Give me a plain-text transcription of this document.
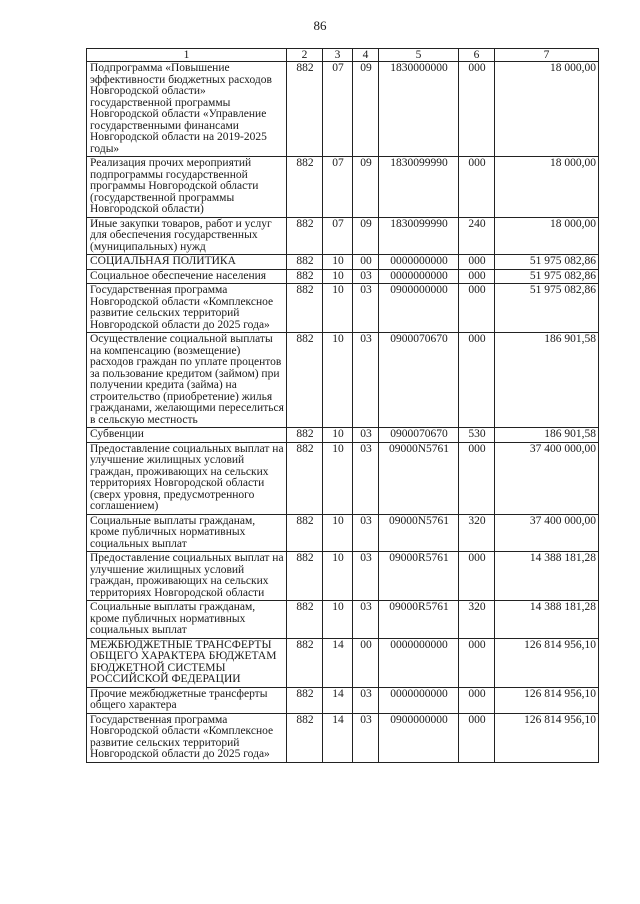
86
1	2	3	4	5	6	7
Подпрограмма «Повышение эффективности бюджетных расходов Новгородской области» государственной программы Новгородской области «Управление государственными финансами Новгородской области на 2019-2025 годы»	882	07	09	1830000000	000	18 000,00
Реализация прочих мероприятий подпрограммы государственной программы Новгородской области (государственной программы Новгородской области)	882	07	09	1830099990	000	18 000,00
Иные закупки товаров, работ и услуг для обеспечения государственных (муниципальных) нужд	882	07	09	1830099990	240	18 000,00
СОЦИАЛЬНАЯ ПОЛИТИКА	882	10	00	0000000000	000	51 975 082,86
Социальное обеспечение населения	882	10	03	0000000000	000	51 975 082,86
Государственная программа Новгородской области «Комплексное развитие сельских территорий Новгородской области до 2025 года»	882	10	03	0900000000	000	51 975 082,86
Осуществление социальной выплаты на компенсацию (возмещение) расходов граждан по уплате процентов за пользование кредитом (займом) при получении кредита (займа) на строительство (приобретение) жилья гражданами, желающими переселиться в сельскую местность	882	10	03	0900070670	000	186 901,58
Субвенции	882	10	03	0900070670	530	186 901,58
Предоставление социальных выплат на улучшение жилищных условий граждан, проживающих на сельских территориях Новгородской области (сверх уровня, предусмотренного соглашением)	882	10	03	09000N5761	000	37 400 000,00
Социальные выплаты гражданам, кроме публичных нормативных социальных выплат	882	10	03	09000N5761	320	37 400 000,00
Предоставление социальных выплат на улучшение жилищных условий граждан, проживающих на сельских территориях Новгородской области	882	10	03	09000R5761	000	14 388 181,28
Социальные выплаты гражданам, кроме публичных нормативных социальных выплат	882	10	03	09000R5761	320	14 388 181,28
МЕЖБЮДЖЕТНЫЕ ТРАНСФЕРТЫ ОБЩЕГО ХАРАКТЕРА БЮДЖЕТАМ БЮДЖЕТНОЙ СИСТЕМЫ РОССИЙСКОЙ ФЕДЕРАЦИИ	882	14	00	0000000000	000	126 814 956,10
Прочие межбюджетные трансферты общего характера	882	14	03	0000000000	000	126 814 956,10
Государственная программа Новгородской области «Комплексное развитие сельских территорий Новгородской области до 2025 года»	882	14	03	0900000000	000	126 814 956,10
